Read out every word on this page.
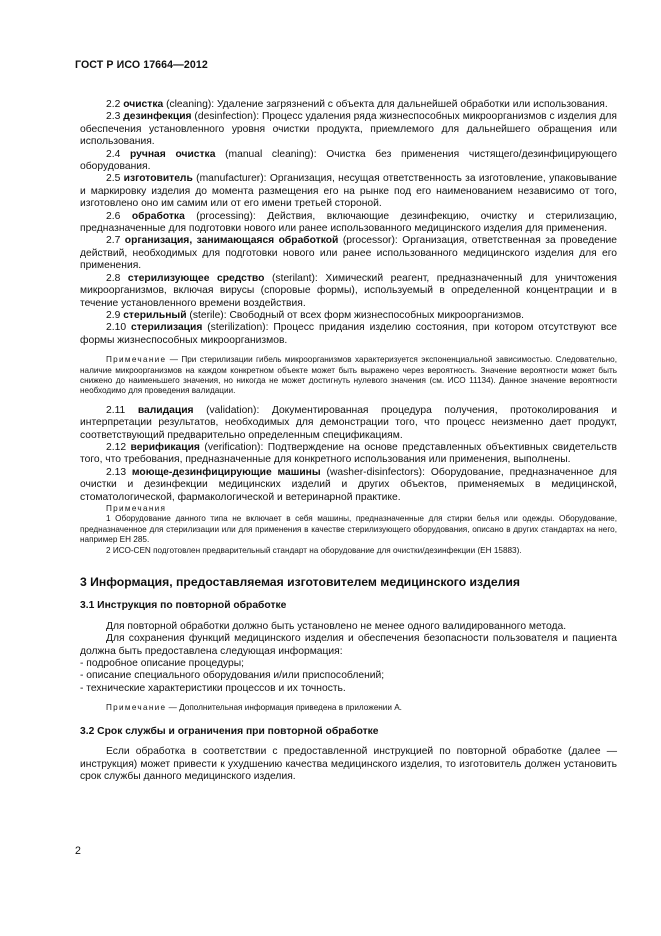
ГОСТ Р ИСО 17664—2012

2.2 очистка (cleaning): Удаление загрязнений с объекта для дальнейшей обработки или использования.

2.3 дезинфекция (desinfection): Процесс удаления ряда жизнеспособных микроорганизмов с изделия для обеспечения установленного уровня очистки продукта, приемлемого для дальнейшего обращения или использования.

2.4 ручная очистка (manual cleaning): Очистка без применения чистящего/дезинфицирующего оборудования.

2.5 изготовитель (manufacturer): Организация, несущая ответственность за изготовление, упаковывание и маркировку изделия до момента размещения его на рынке под его наименованием независимо от того, изготовлено оно им самим или от его имени третьей стороной.

2.6 обработка (processing): Действия, включающие дезинфекцию, очистку и стерилизацию, предназначенные для подготовки нового или ранее использованного медицинского изделия для применения.

2.7 организация, занимающаяся обработкой (processor): Организация, ответственная за проведение действий, необходимых для подготовки нового или ранее использованного медицинского изделия для его применения.

2.8 стерилизующее средство (sterilant): Химический реагент, предназначенный для уничтожения микроорганизмов, включая вирусы (споровые формы), используемый в определенной концентрации и в течение установленного времени воздействия.

2.9 стерильный (sterile): Свободный от всех форм жизнеспособных микроорганизмов.

2.10 стерилизация (sterilization): Процесс придания изделию состояния, при котором отсутствуют все формы жизнеспособных микроорганизмов.

Примечание — При стерилизации гибель микроорганизмов характеризуется экспоненциальной зависимостью. Следовательно, наличие микроорганизмов на каждом конкретном объекте может быть выражено через вероятность. Значение вероятности может быть снижено до наименьшего значения, но никогда не может достигнуть нулевого значения (см. ИСО 11134). Данное значение вероятности необходимо для проведения валидации.

2.11 валидация (validation): Документированная процедура получения, протоколирования и интерпретации результатов, необходимых для демонстрации того, что процесс неизменно дает продукт, соответствующий предварительно определенным спецификациям.

2.12 верификация (verification): Подтверждение на основе представленных объективных свидетельств того, что требования, предназначенные для конкретного использования или применения, выполнены.

2.13 моюще-дезинфицирующие машины (washer-disinfectors): Оборудование, предназначенное для очистки и дезинфекции медицинских изделий и других объектов, применяемых в медицинской, стоматологической, фармакологической и ветеринарной практике.

Примечания

1 Оборудование данного типа не включает в себя машины, предназначенные для стирки белья или одежды. Оборудование, предназначенное для стерилизации или для применения в качестве стерилизующего оборудования, описано в других стандартах на него, например ЕН 285.

2 ИСО-CEN подготовлен предварительный стандарт на оборудование для очистки/дезинфекции (ЕН 15883).

3 Информация, предоставляемая изготовителем медицинского изделия

3.1 Инструкция по повторной обработке

Для повторной обработки должно быть установлено не менее одного валидированного метода.

Для сохранения функций медицинского изделия и обеспечения безопасности пользователя и пациента должна быть предоставлена следующая информация:

- подробное описание процедуры;

- описание специального оборудования и/или приспособлений;

- технические характеристики процессов и их точность.

Примечание — Дополнительная информация приведена в приложении А.

3.2 Срок службы и ограничения при повторной обработке

Если обработка в соответствии с предоставленной инструкцией по повторной обработке (далее — инструкция) может привести к ухудшению качества медицинского изделия, то изготовитель должен установить срок службы данного медицинского изделия.

2
